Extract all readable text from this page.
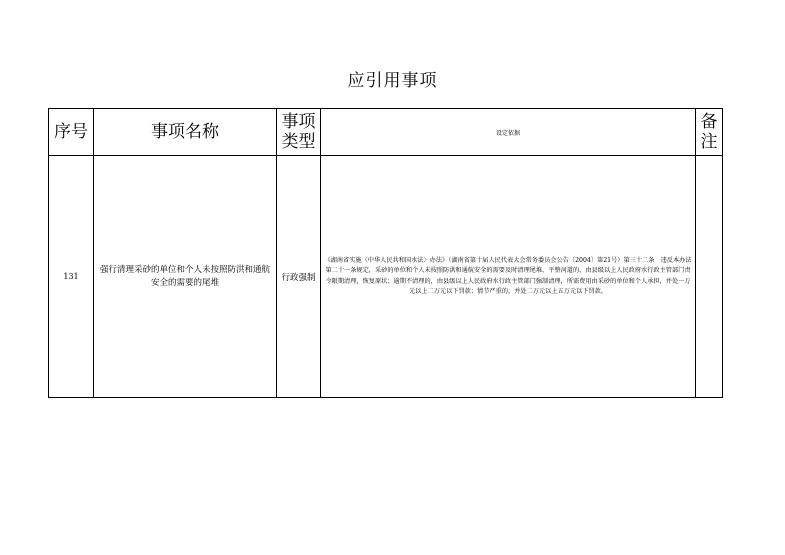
应引用事项
序号	事项名称	事项类型	设定依据	备注
131	强行清理采砂的单位和个人未按照防洪和通航安全的需要的尾堆	行政强制	《湖南省实施〈中华人民共和国水法〉办法》（湖南省第十届人民代表大会常务委员会公告〔2004〕第21号）第三十二条　违反本办法第二十一条规定，采砂的单位和个人未按照防洪和通航安全的需要及时清理尾堆、平整河道的，由县级以上人民政府水行政主管部门责令限期清理，恢复原状；逾期不清理的，由县级以上人民政府水行政主管部门强制清理，所需费用由采砂的单位和个人承担，并处一万元以上二万元以下罚款；情节严重的，并处二万元以上五万元以下罚款。	
